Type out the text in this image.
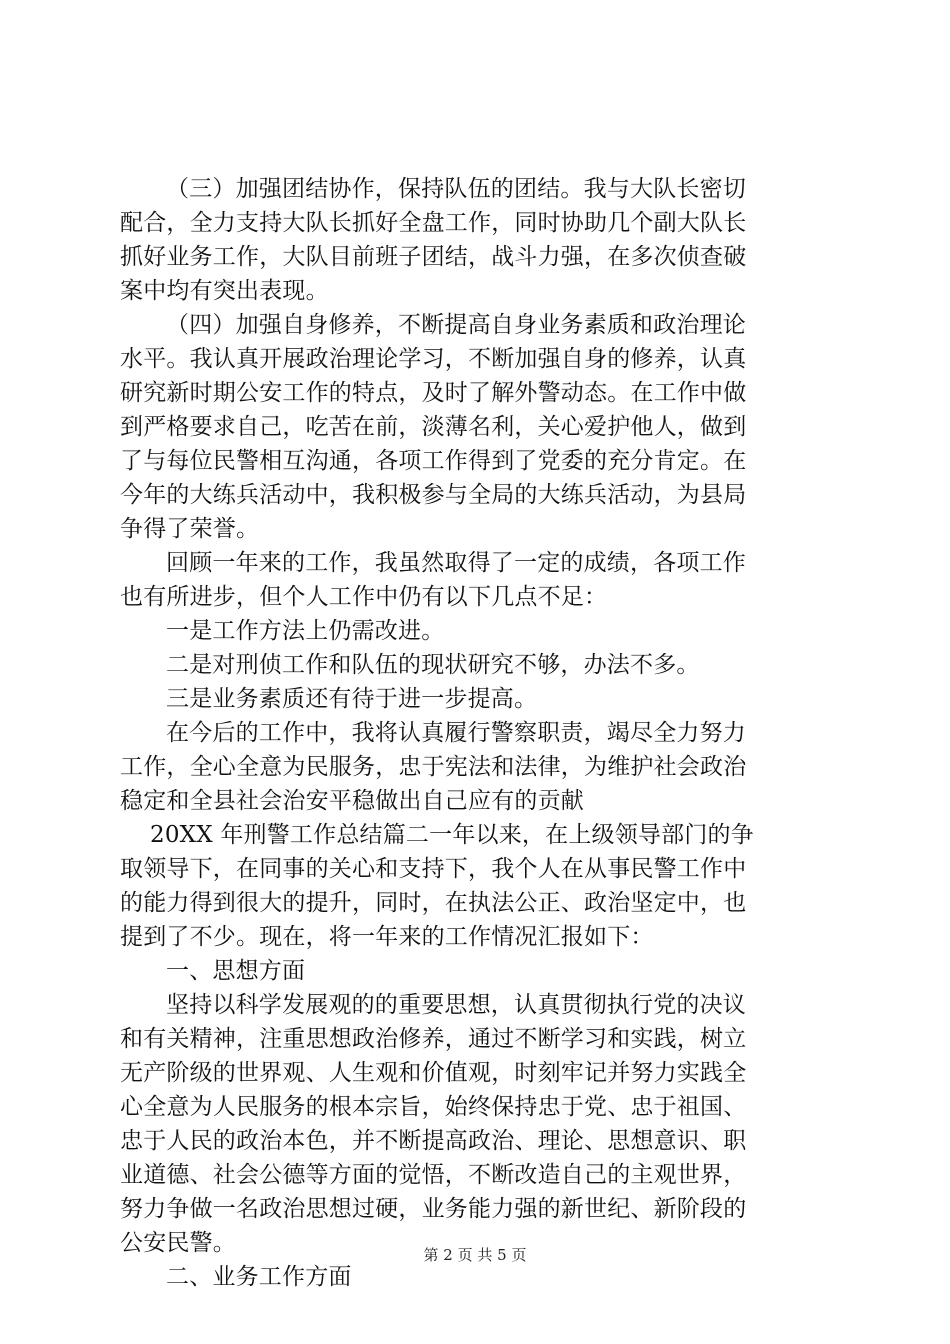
（三）加强团结协作，保持队伍的团结。我与大队长密切
配合，全力支持大队长抓好全盘工作，同时协助几个副大队长
抓好业务工作，大队目前班子团结，战斗力强，在多次侦查破
案中均有突出表现。
（四）加强自身修养，不断提高自身业务素质和政治理论
水平。我认真开展政治理论学习，不断加强自身的修养，认真
研究新时期公安工作的特点，及时了解外警动态。在工作中做
到严格要求自己，吃苦在前，淡薄名利，关心爱护他人，做到
了与每位民警相互沟通，各项工作得到了党委的充分肯定。在
今年的大练兵活动中，我积极参与全局的大练兵活动，为县局
争得了荣誉。
回顾一年来的工作，我虽然取得了一定的成绩，各项工作
也有所进步，但个人工作中仍有以下几点不足：
一是工作方法上仍需改进。
二是对刑侦工作和队伍的现状研究不够，办法不多。
三是业务素质还有待于进一步提高。
在今后的工作中，我将认真履行警察职责，竭尽全力努力
工作，全心全意为民服务，忠于宪法和法律，为维护社会政治
稳定和全县社会治安平稳做出自己应有的贡献
20XX 年刑警工作总结篇二一年以来，在上级领导部门的争
取领导下，在同事的关心和支持下，我个人在从事民警工作中
的能力得到很大的提升，同时，在执法公正、政治坚定中，也
提到了不少。现在，将一年来的工作情况汇报如下：
一、思想方面
坚持以科学发展观的的重要思想，认真贯彻执行党的决议
和有关精神，注重思想政治修养，通过不断学习和实践，树立
无产阶级的世界观、人生观和价值观，时刻牢记并努力实践全
心全意为人民服务的根本宗旨，始终保持忠于党、忠于祖国、
忠于人民的政治本色，并不断提高政治、理论、思想意识、职
业道德、社会公德等方面的觉悟，不断改造自己的主观世界，
努力争做一名政治思想过硬，业务能力强的新世纪、新阶段的
公安民警。
二、业务工作方面
第 2 页 共 5 页
